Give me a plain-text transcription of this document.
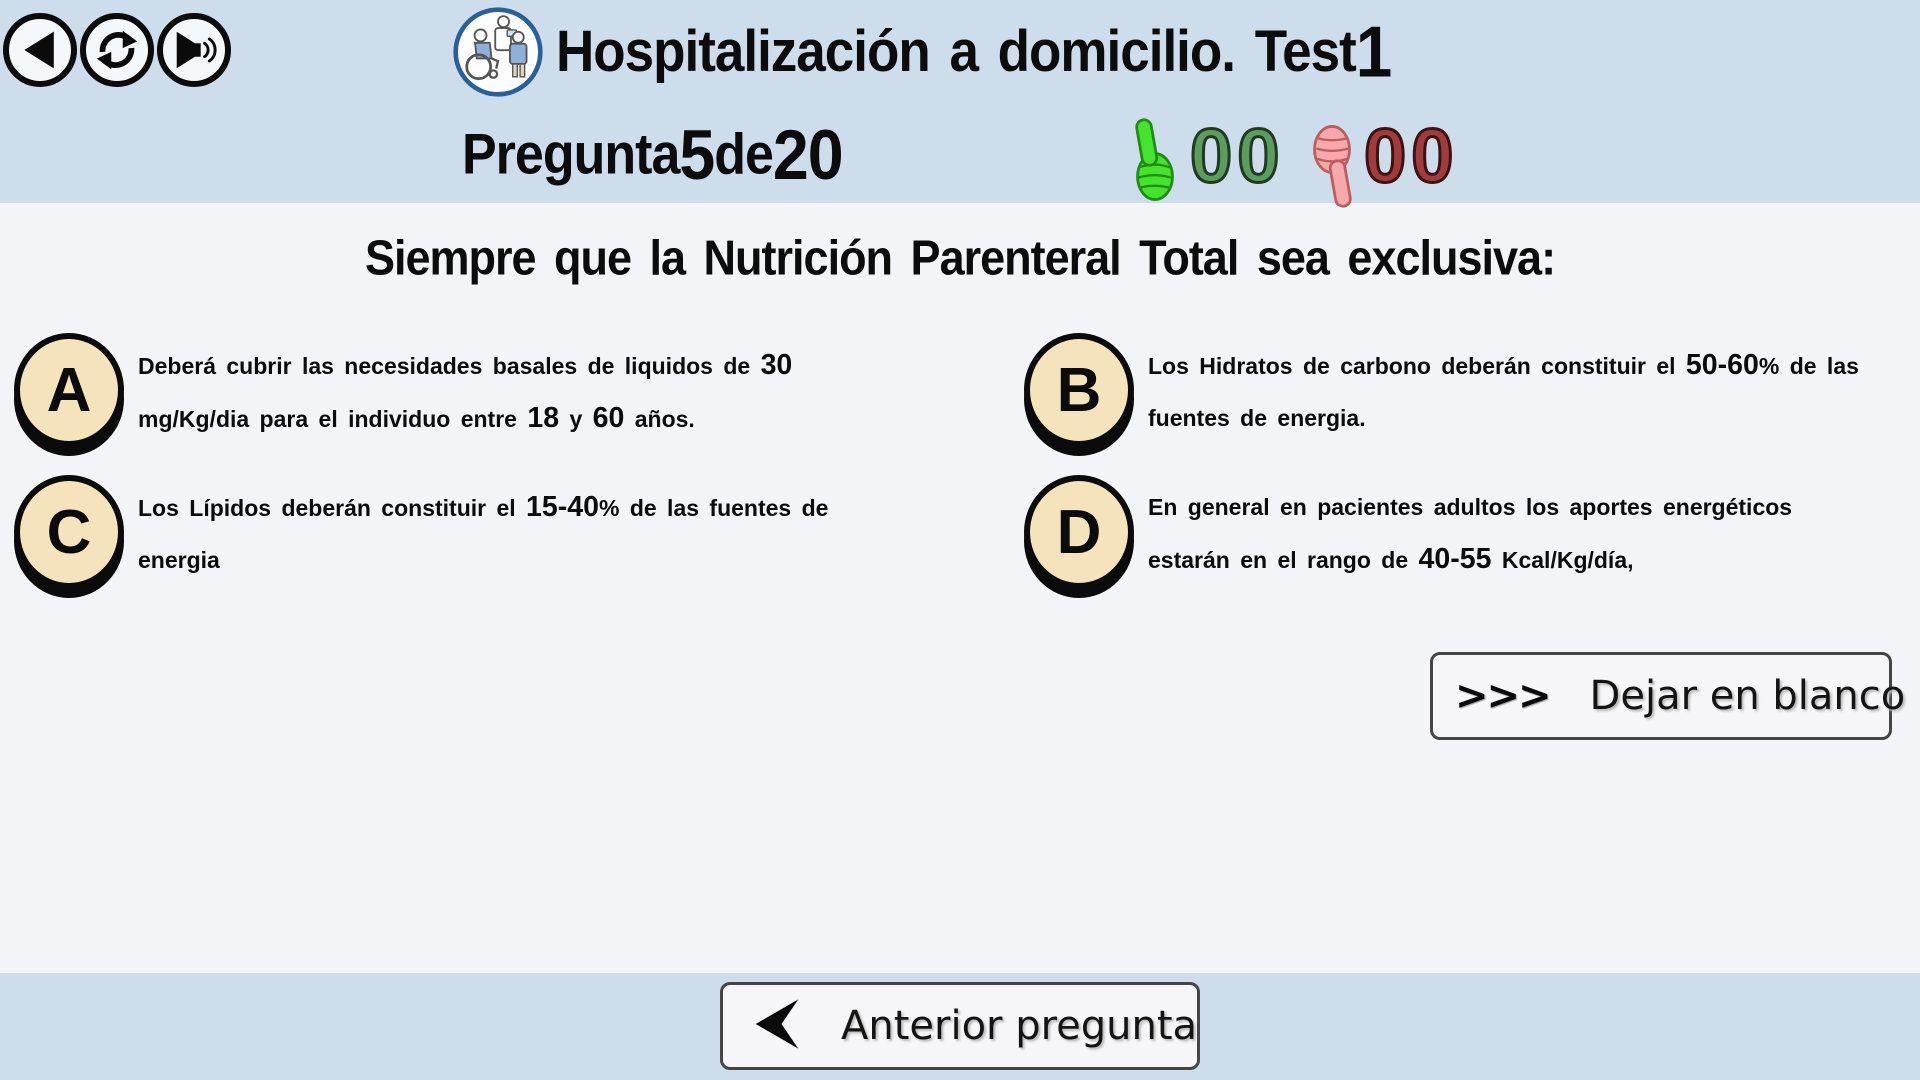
Hospitalización a domicilio. Test 1

Pregunta 5 de 20	00 00
Siempre que la Nutrición Parenteral Total sea exclusiva:
A	Deberá cubrir las necesidades basales de liquidos de 30 mg/Kg/dia para el individuo entre 18 y 60 años.	B	Los Hidratos de carbono deberán constituir el 50-60% de las fuentes de energia.

C	Los Lípidos deberán constituir el 15-40% de las fuentes de energia	D	En general en pacientes adultos los aportes energéticos estarán en el rango de 40-55 Kcal/Kg/día,

>>> Dejar en blanco
Anterior pregunta
